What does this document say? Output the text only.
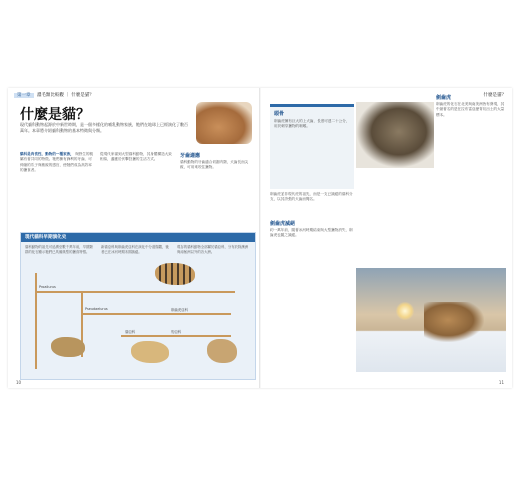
第一章 濃毛類比較觀 ｜ 什麼是貓？
什麼是貓？
現代貓科動物起源於中新世時期，是一個多樣化的哺乳動物家族，牠們在地球上已經演化了數百萬年。本章將介紹貓科動物的基本特徵與分類。
貓科是肉食性、動物的一種家族， 與野生的親屬有著共同的特徵。牠們擁有鋒利的牙齒、可伸縮的爪子與敏銳的感官，使牠們成為高效率的獵食者。
從現代家貓到大型貓科動物，其身體構造大致相似，適應於伏擊狩獵的生活方式。
牙齒適應
貓科動物的牙齒適合切割肉類，犬齒長而尖銳，可用來咬住獵物。
現代貓科早期演化史
貓科動物的祖先可追溯至數千萬年前，早期類群的化石顯示牠們已具備典型的獵食特徵。
新貓亞科與劍齒虎亞科在演化中分道揚鑣，後者已在冰河時期末期滅絕。
現存的貓科動物全部屬於貓亞科，分布於除澳洲與南極洲以外的各大洲。
Proailurus
Pseudaelurus
貓亞科	豹亞科
劍齒虎亞科
10
什麼是貓？
頭骨
劍齒虎擁有巨大的上犬齒，長度可達二十公分，用於刺穿獵物的咽喉。
劍齒虎並非現代虎的祖先，而是一支已滅絕的貓科分支，以其誇張的犬齒而聞名。
劍齒虎滅絕
約一萬年前，隨著冰河時期結束與大型獵物消失，劍齒虎也隨之滅絕。
劍齒虎
劍齒虎的化石在北美與南美洲皆有發現，其中最著名的是在拉布雷亞瀝青坑出土的大量標本。
11
